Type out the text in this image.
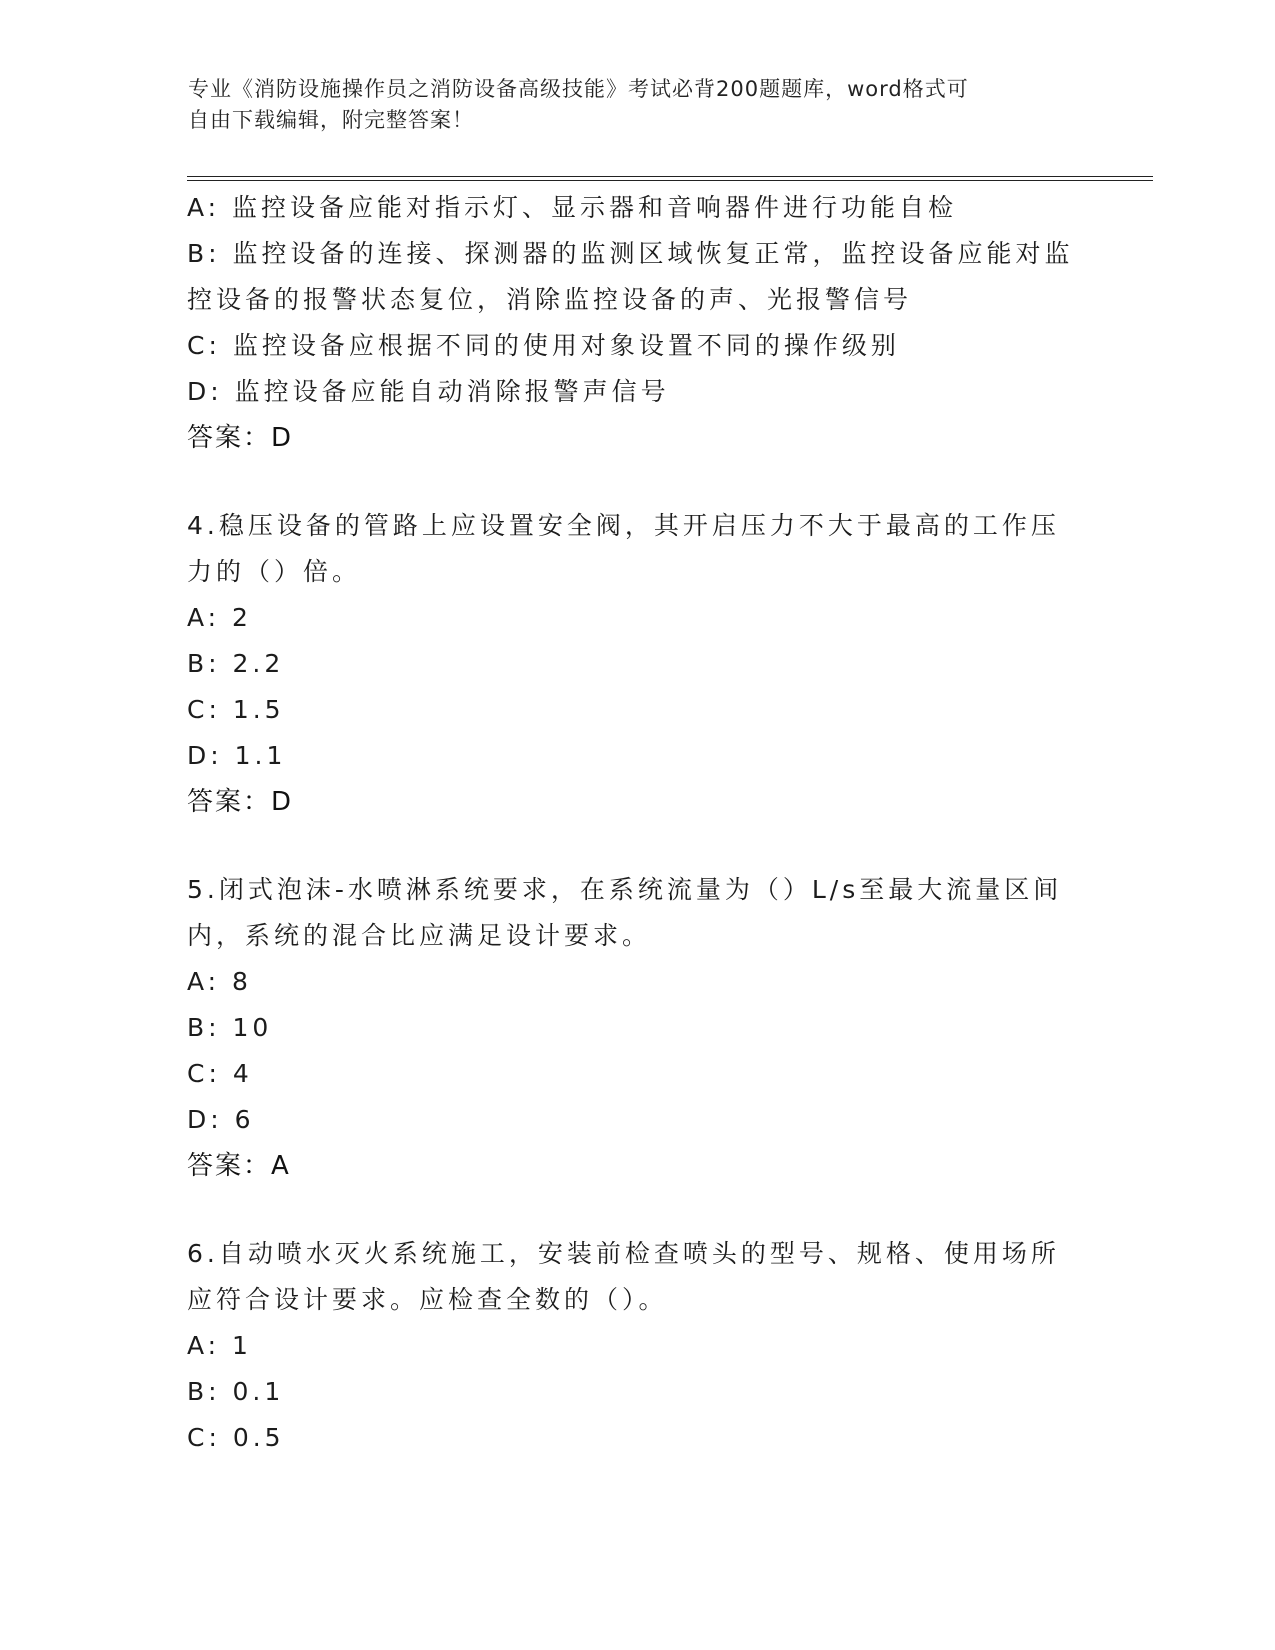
专业《消防设施操作员之消防设备高级技能》考试必背200题题库，word格式可
自由下载编辑，附完整答案！

A: 监控设备应能对指示灯、显示器和音响器件进行功能自检

B: 监控设备的连接、探测器的监测区域恢复正常，监控设备应能对监

控设备的报警状态复位，消除监控设备的声、光报警信号

C: 监控设备应根据不同的使用对象设置不同的操作级别

D: 监控设备应能自动消除报警声信号

答案：D

4.稳压设备的管路上应设置安全阀，其开启压力不大于最高的工作压

力的（）倍。

A: 2

B: 2.2

C: 1.5

D: 1.1

答案：D

5.闭式泡沫-水喷淋系统要求，在系统流量为（）L/s至最大流量区间

内，系统的混合比应满足设计要求。

A: 8

B: 10

C: 4

D: 6

答案：A

6.自动喷水灭火系统施工，安装前检查喷头的型号、规格、使用场所

应符合设计要求。应检查全数的（）。

A: 1

B: 0.1

C: 0.5
